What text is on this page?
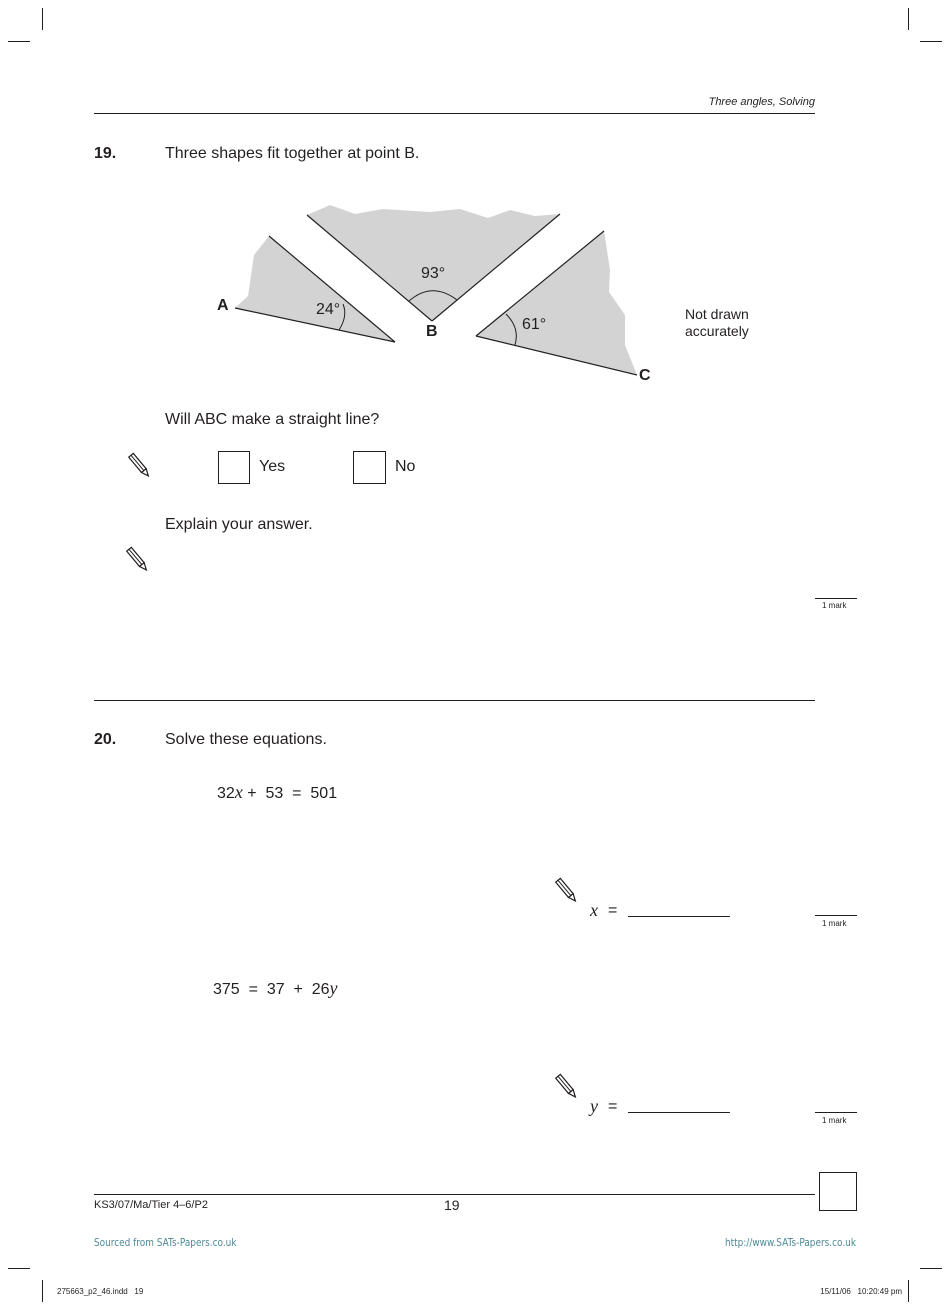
Three angles, Solving
19.	Three shapes fit together at point B.
A
B
C
24°
93°
61°
Not drawn
accurately
Will ABC make a straight line?
Yes	No
Explain your answer.
1 mark
20.	Solve these equations.
32x +  53  =  501
x =
1 mark
375  =  37  +  26y
y =
1 mark
KS3/07/Ma/Tier 4–6/P2	19
Sourced from SATs-Papers.co.uk	http://www.SATs-Papers.co.uk
275663_p2_46.indd   19	15/11/06   10:20:49 pm
